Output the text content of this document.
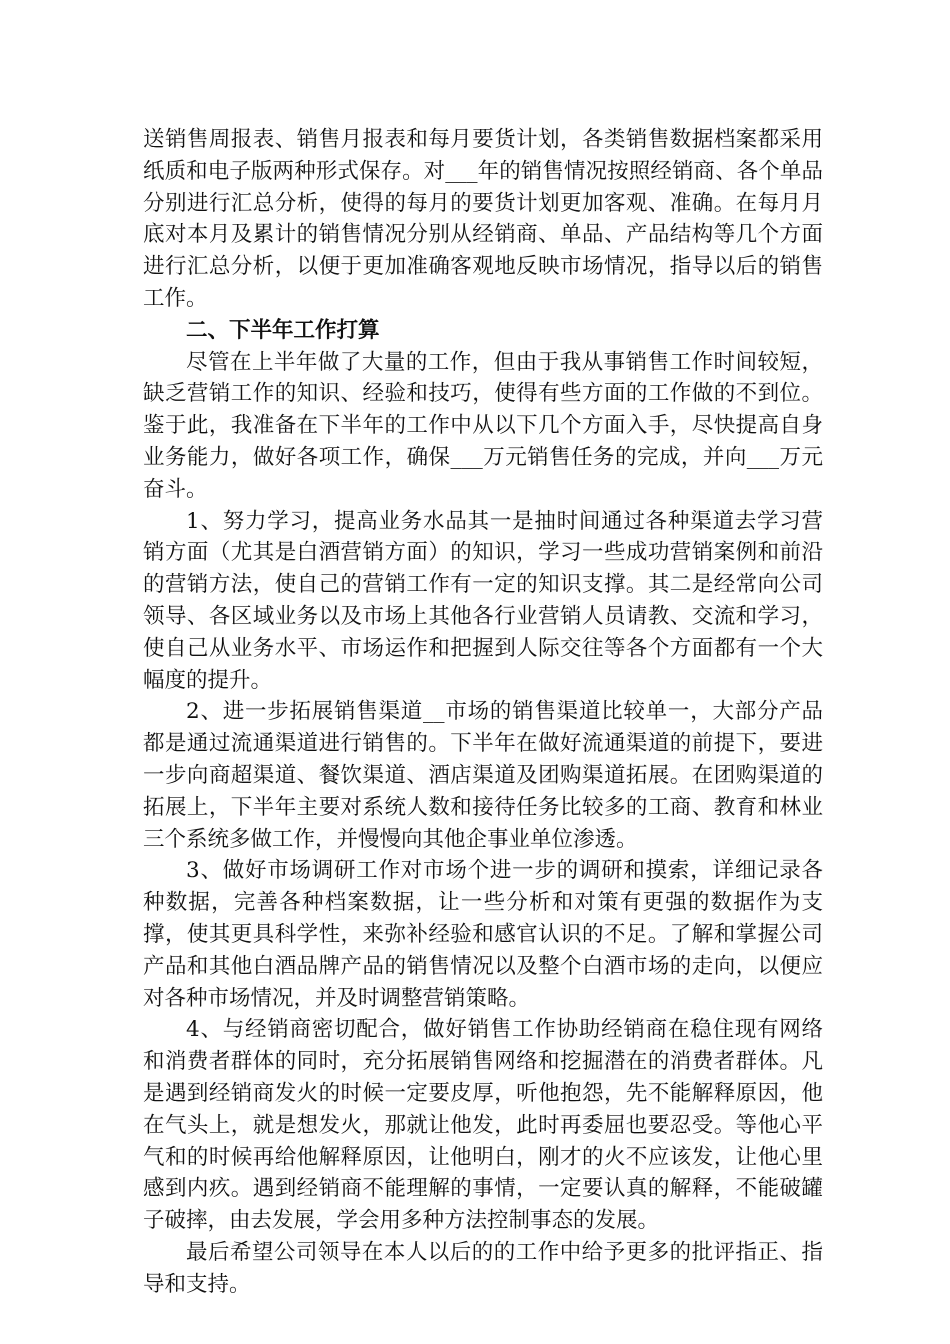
送销售周报表、销售月报表和每月要货计划，各类销售数据档案都采用纸质和电子版两种形式保存。对___年的销售情况按照经销商、各个单品分别进行汇总分析，使得的每月的要货计划更加客观、准确。在每月月底对本月及累计的销售情况分别从经销商、单品、产品结构等几个方面进行汇总分析，以便于更加准确客观地反映市场情况，指导以后的销售工作。

二、下半年工作打算

尽管在上半年做了大量的工作，但由于我从事销售工作时间较短，缺乏营销工作的知识、经验和技巧，使得有些方面的工作做的不到位。鉴于此，我准备在下半年的工作中从以下几个方面入手，尽快提高自身业务能力，做好各项工作，确保___万元销售任务的完成，并向___万元奋斗。

1、努力学习，提高业务水品其一是抽时间通过各种渠道去学习营销方面（尤其是白酒营销方面）的知识，学习一些成功营销案例和前沿的营销方法，使自己的营销工作有一定的知识支撑。其二是经常向公司领导、各区域业务以及市场上其他各行业营销人员请教、交流和学习，使自己从业务水平、市场运作和把握到人际交往等各个方面都有一个大幅度的提升。

2、进一步拓展销售渠道__市场的销售渠道比较单一，大部分产品都是通过流通渠道进行销售的。下半年在做好流通渠道的前提下，要进一步向商超渠道、餐饮渠道、酒店渠道及团购渠道拓展。在团购渠道的拓展上，下半年主要对系统人数和接待任务比较多的工商、教育和林业三个系统多做工作，并慢慢向其他企事业单位渗透。

3、做好市场调研工作对市场个进一步的调研和摸索，详细记录各种数据，完善各种档案数据，让一些分析和对策有更强的数据作为支撑，使其更具科学性，来弥补经验和感官认识的不足。了解和掌握公司产品和其他白酒品牌产品的销售情况以及整个白酒市场的走向，以便应对各种市场情况，并及时调整营销策略。

4、与经销商密切配合，做好销售工作协助经销商在稳住现有网络和消费者群体的同时，充分拓展销售网络和挖掘潜在的消费者群体。凡是遇到经销商发火的时候一定要皮厚，听他抱怨，先不能解释原因，他在气头上，就是想发火，那就让他发，此时再委屈也要忍受。等他心平气和的时候再给他解释原因，让他明白，刚才的火不应该发，让他心里感到内疚。遇到经销商不能理解的事情，一定要认真的解释，不能破罐子破摔，由去发展，学会用多种方法控制事态的发展。

最后希望公司领导在本人以后的的工作中给予更多的批评指正、指导和支持。
